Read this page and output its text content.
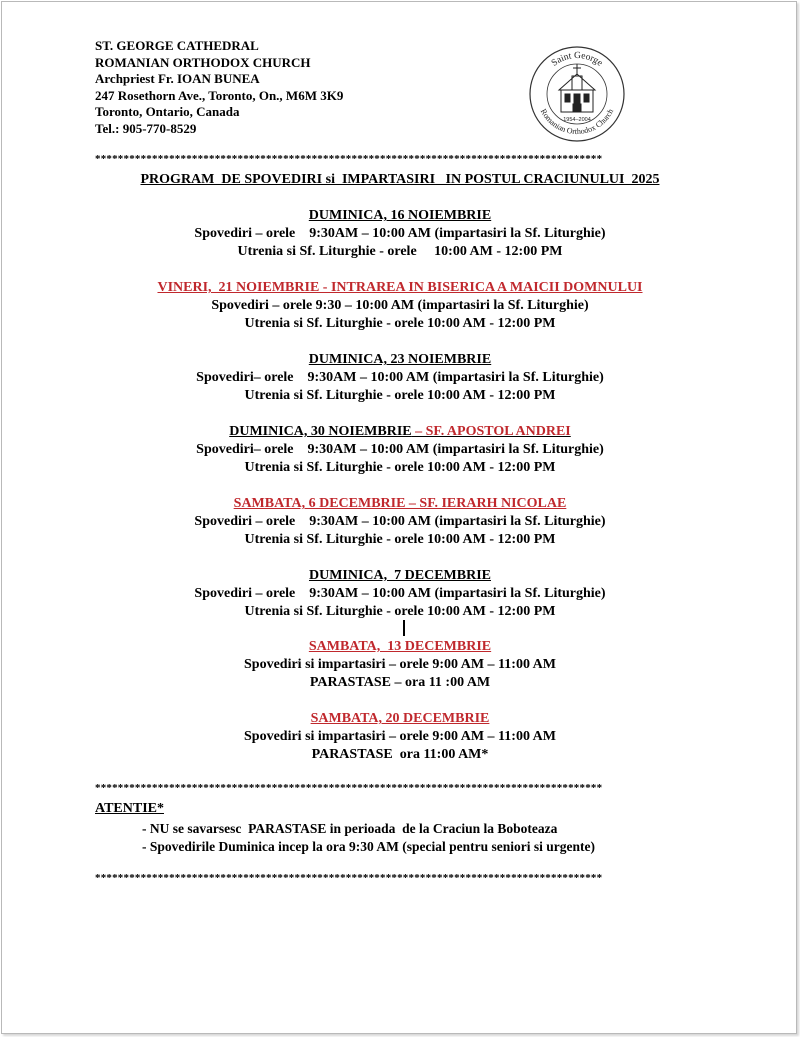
ST. GEORGE CATHEDRAL
ROMANIAN ORTHODOX CHURCH
Archpriest Fr. IOAN BUNEA
247 Rosethorn Ave., Toronto, On., M6M 3K9
Toronto, Ontario, Canada
Tel.: 905-770-8529
Saint George
Romanian Orthodox Church
1954–2004
*****************************************************************************************
PROGRAM  DE SPOVEDIRI si  IMPARTASIRI   IN POSTUL CRACIUNULUI  2025
DUMINICA, 16 NOIEMBRIE
Spovediri – orele    9:30AM – 10:00 AM (impartasiri la Sf. Liturghie)
Utrenia si Sf. Liturghie - orele     10:00 AM - 12:00 PM
VINERI,  21 NOIEMBRIE - INTRAREA IN BISERICA A MAICII DOMNULUI
Spovediri – orele 9:30 – 10:00 AM (impartasiri la Sf. Liturghie)
Utrenia si Sf. Liturghie - orele 10:00 AM - 12:00 PM
DUMINICA, 23 NOIEMBRIE
Spovediri– orele    9:30AM – 10:00 AM (impartasiri la Sf. Liturghie)
Utrenia si Sf. Liturghie - orele 10:00 AM - 12:00 PM
DUMINICA, 30 NOIEMBRIE – SF. APOSTOL ANDREI
Spovediri– orele    9:30AM – 10:00 AM (impartasiri la Sf. Liturghie)
Utrenia si Sf. Liturghie - orele 10:00 AM - 12:00 PM
SAMBATA, 6 DECEMBRIE – SF. IERARH NICOLAE
Spovediri – orele    9:30AM – 10:00 AM (impartasiri la Sf. Liturghie)
Utrenia si Sf. Liturghie - orele 10:00 AM - 12:00 PM
DUMINICA,  7 DECEMBRIE
Spovediri – orele    9:30AM – 10:00 AM (impartasiri la Sf. Liturghie)
Utrenia si Sf. Liturghie - orele 10:00 AM - 12:00 PM
SAMBATA,  13 DECEMBRIE
Spovediri si impartasiri – orele 9:00 AM – 11:00 AM
PARASTASE – ora 11 :00 AM
SAMBATA, 20 DECEMBRIE
Spovediri si impartasiri – orele 9:00 AM – 11:00 AM
PARASTASE  ora 11:00 AM*
*****************************************************************************************
ATENTIE*
- NU se savarsesc  PARASTASE in perioada  de la Craciun la Boboteaza
- Spovedirile Duminica incep la ora 9:30 AM (special pentru seniori si urgente)
*****************************************************************************************
